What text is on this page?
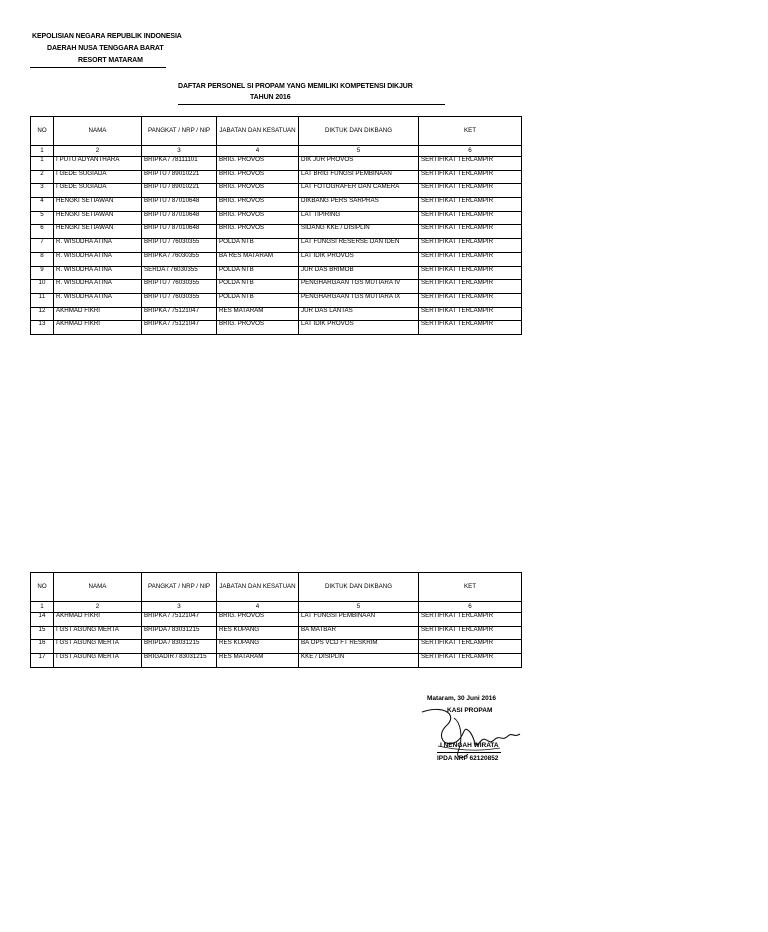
KEPOLISIAN NEGARA REPUBLIK INDONESIA
DAERAH NUSA TENGGARA BARAT
RESORT MATARAM
DAFTAR PERSONEL SI PROPAM YANG MEMILIKI KOMPETENSI DIKJUR
TAHUN 2016
NO	NAMA	PANGKAT / NRP / NIP	JABATAN DAN KESATUAN	DIKTUK DAN DIKBANG	KET
1	2	3	4	5	6
1	I PUTU ADYANTHARA	BRIPKA / 78111101	BRIG. PROVOS	DIK JUR PROVOS	SERTIFIKAT TERLAMPIR
2	I GEDE SUGIADA	BRIPTU / 89010221	BRIG. PROVOS	LAT BRIG FUNGSI PEMBINAAN	SERTIFIKAT TERLAMPIR
3	I GEDE SUGIADA	BRIPTU / 89010221	BRIG. PROVOS	LAT FOTOGRAFER DAN CAMERA	SERTIFIKAT TERLAMPIR
4	HENGKI SETIAWAN	BRIPTU / 87010648	BRIG. PROVOS	DIKBANG PERS SARPRAS	SERTIFIKAT TERLAMPIR
5	HENGKI SETIAWAN	BRIPTU / 87010648	BRIG. PROVOS	LAT TIPIRING	SERTIFIKAT TERLAMPIR
6	HENGKI SETIAWAN	BRIPTU / 87010648	BRIG. PROVOS	SIDANG KKE / DISIPLIN	SERTIFIKAT TERLAMPIR
7	R. WISUDHA ATINA	BRIPTU / 76030355	POLDA NTB	LAT FUNGSI RESERSE DAN IDEN	SERTIFIKAT TERLAMPIR
8	R. WISUDHA ATINA	BRIPKA / 76030355	BA RES MATARAM	LAT IDIK PROVOS	SERTIFIKAT TERLAMPIR
9	R. WISUDHA ATINA	SERDA / 76030355	POLDA NTB	JUR DAS BRIMOB	SERTIFIKAT TERLAMPIR
10	R. WISUDHA ATINA	BRIPTU / 76030355	POLDA NTB	PENGHARGAAN TGS MUTIARA IV	SERTIFIKAT TERLAMPIR
11	R. WISUDHA ATINA	BRIPTU / 76030355	POLDA NTB	PENGHARGAAN TGS MUTIARA IX	SERTIFIKAT TERLAMPIR
12	AKHMAD FIKRI	BRIPKA / 75121047	RES MATARAM	JUR DAS LANTAS	SERTIFIKAT TERLAMPIR
13	AKHMAD FIKRI	BRIPKA / 75121047	BRIG. PROVOS	LAT IDIK PROVOS	SERTIFIKAT TERLAMPIR
NO	NAMA	PANGKAT / NRP / NIP	JABATAN DAN KESATUAN	DIKTUK DAN DIKBANG	KET
1	2	3	4	5	6
14	AKHMAD FIKRI	BRIPKA / 75121047	BRIG. PROVOS	LAT FUNGSI PEMBINAAN	SERTIFIKAT TERLAMPIR
15	I GST AGUNG MERTA	BRIPDA / 83031215	RES KUPANG	BA MATBAR	SERTIFIKAT TERLAMPIR
16	I GST AGUNG MERTA	BRIPDA / 83031215	RES KUPANG	BA OPS VCD FT RESKRIM	SERTIFIKAT TERLAMPIR
17	I GST AGUNG MERTA	BRIGADIR / 83031215	RES MATARAM	KKE / DISIPLIN	SERTIFIKAT TERLAMPIR
Mataram, 30 Juni 2016
KASI PROPAM
I NENGAH WIRATA
IPDA NRP 62120852
